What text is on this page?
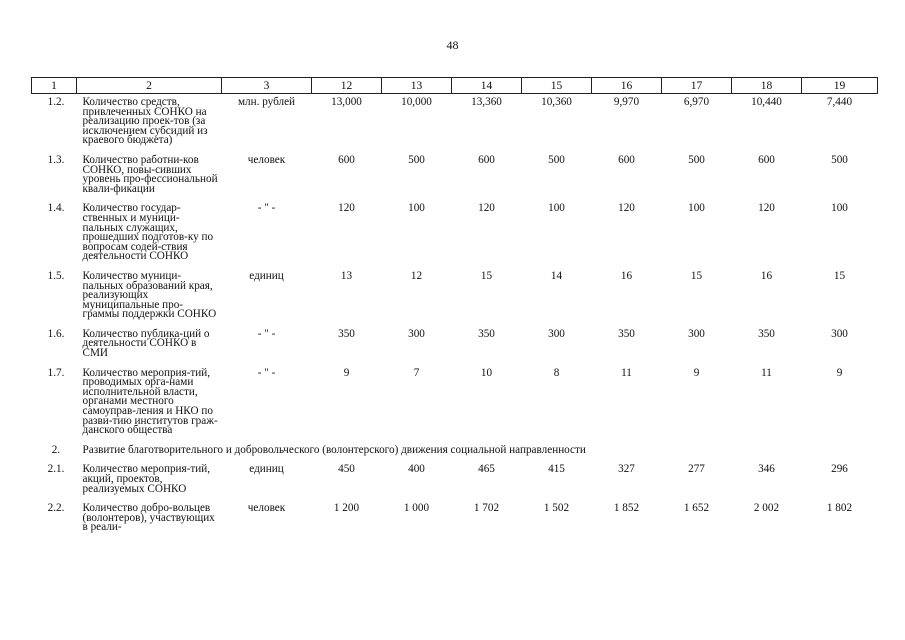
48
1	2	3	12	13	14	15	16	17	18	19
1.2.	Количество средств, привлеченных СОНКО на реализацию проек-тов (за исключением субсидий из краевого бюджета)	млн. рублей	13,000	10,000	13,360	10,360	9,970	6,970	10,440	7,440
1.3.	Количество работни-ков СОНКО, повы-сивших уровень про-фессиональной квали-фикации	человек	600	500	600	500	600	500	600	500
1.4.	Количество государ-ственных и муници-пальных служащих, прошедших подготов-ку по вопросам содей-ствия деятельности СОНКО	- " -	120	100	120	100	120	100	120	100
1.5.	Количество муници-пальных образований края, реализующих муниципальные про-граммы поддержки СОНКО	единиц	13	12	15	14	16	15	16	15
1.6.	Количество публика-ций о деятельности СОНКО в СМИ	- " -	350	300	350	300	350	300	350	300
1.7.	Количество мероприя-тий, проводимых орга-нами исполнительной власти, органами местного самоуправ-ления и НКО по разви-тию институтов граж-данского общества	- " -	9	7	10	8	11	9	11	9
2.	Развитие благотворительного и добровольческого (волонтерского) движения социальной направленности									
2.1.	Количество мероприя-тий, акций, проектов, реализуемых СОНКО	единиц	450	400	465	415	327	277	346	296
2.2.	Количество добро-вольцев (волонтеров), участвующих в реали-	человек	1 200	1 000	1 702	1 502	1 852	1 652	2 002	1 802
